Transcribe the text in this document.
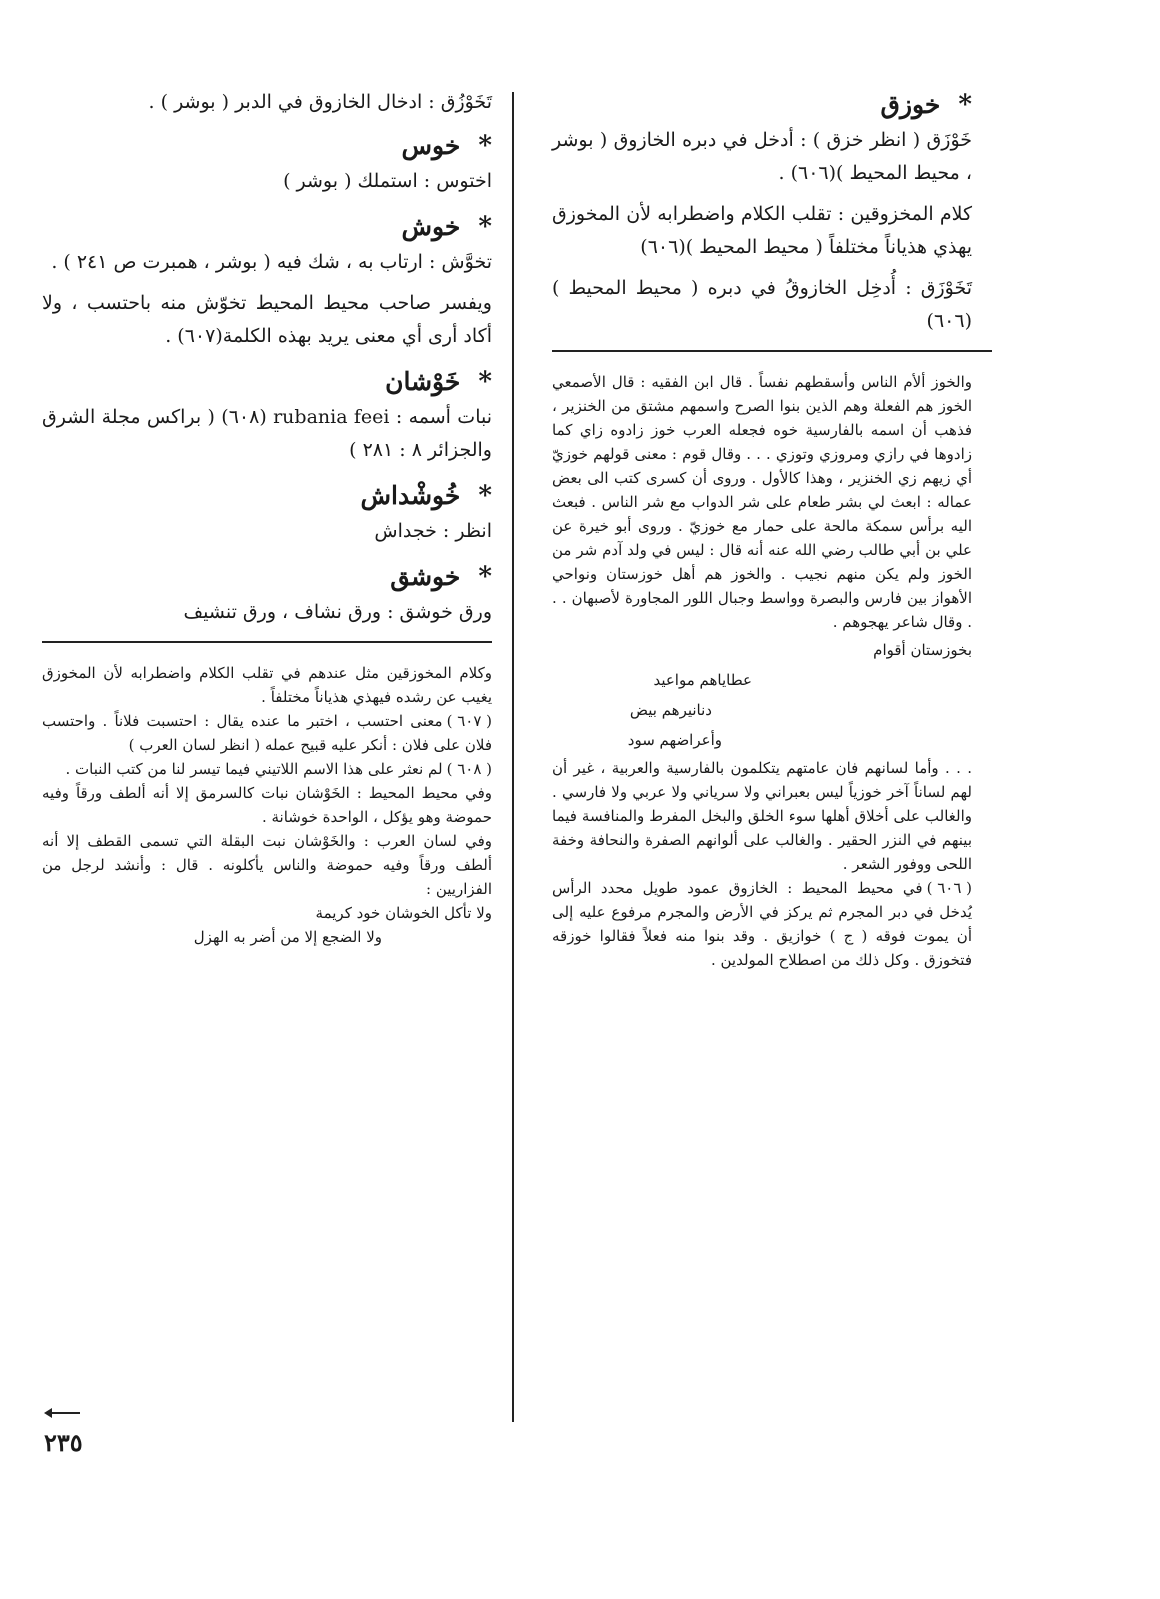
*خوزق

خَوْزَق ( انظر خزق ) : أدخل في دبره الخازوق ( بوشر ، محيط المحيط )(٦٠٦) .

كلام المخزوقين : تقلب الكلام واضطرابه لأن المخوزق يهذي هذياناً مختلفاً ( محيط المحيط )(٦٠٦)

تَخَوْزَق : أُدخِل الخازوقُ في دبره ( محيط المحيط )(٦٠٦)

والخوز ألأم الناس وأسقطهم نفساً . قال ابن الفقيه : قال الأصمعي الخوز هم الفعلة وهم الذين بنوا الصرح واسمهم مشتق من الخنزير ، فذهب أن اسمه بالفارسية خوه فجعله العرب خوز زادوه زاي كما زادوها في رازي ومروزي وتوزي . . . وقال قوم : معنى قولهم خوزيّ أي زيهم زي الخنزير ، وهذا كالأول . وروى أن كسرى كتب الى بعض عماله : ابعث لي بشر طعام على شر الدواب مع شر الناس . فبعث اليه برأس سمكة مالحة على حمار مع خوزيّ . وروى أبو خيرة عن علي بن أبي طالب رضي الله عنه أنه قال : ليس في ولد آدم شر من الخوز ولم يكن منهم نجيب . والخوز هم أهل خوزستان ونواحي الأهواز بين فارس والبصرة وواسط وجبال اللور المجاورة لأصبهان . . . وقال شاعر يهجوهم .

بخوزستان أقوام

عطاياهم مواعيد

دنانيرهم بيض

وأعراضهم سود

. . . وأما لسانهم فان عامتهم يتكلمون بالفارسية والعربية ، غير أن لهم لساناً آخر خوزياً ليس بعبراني ولا سرياني ولا عربي ولا فارسي . والغالب على أخلاق أهلها سوء الخلق والبخل المفرط والمنافسة فيما بينهم في النزر الحقير . والغالب على ألوانهم الصفرة والنحافة وخفة اللحى ووفور الشعر .

( ٦٠٦ )في محيط المحيط : الخازوق عمود طويل محدد الرأس يُدخل في دبر المجرم ثم يركز في الأرض والمجرم مرفوع عليه إلى أن يموت فوقه ( ج ) خوازيق . وقد بنوا منه فعلاً فقالوا خوزقه فتخوزق . وكل ذلك من اصطلاح المولدين .

تَخَوْزُق : ادخال الخازوق في الدبر ( بوشر ) .

*خوس

اختوس : استملك ( بوشر )

*خوش

تخوَّش : ارتاب به ، شك فيه ( بوشر ، همبرت ص ٢٤١ ) .

ويفسر صاحب محيط المحيط تخوّش منه باحتسب ، ولا أكاد أرى أي معنى يريد بهذه الكلمة(٦٠٧) .

*خَوْشان

نبات أسمه : rubania feei (٦٠٨) ( براكس مجلة الشرق والجزائر ٨ : ٢٨١ )

*خُوشْداش

انظر : خجداش

*خوشق

ورق خوشق : ورق نشاف ، ورق تنشيف

وكلام المخوزقين مثل عندهم في تقلب الكلام واضطرابه لأن المخوزق يغيب عن رشده فيهذي هذياناً مختلفاً .

( ٦٠٧ )معنى احتسب ، اختبر ما عنده يقال : احتسبت فلاناً . واحتسب فلان على فلان : أنكر عليه قبيح عمله ( انظر لسان العرب )

( ٦٠٨ )لم نعثر على هذا الاسم اللاتيني فيما تيسر لنا من كتب النبات .

وفي محيط المحيط : الخَوْشان نبات كالسرمق إلا أنه ألطف ورقاً وفيه حموضة وهو يؤكل ، الواحدة خوشانة .

وفي لسان العرب : والخَوْشان نبت البقلة التي تسمى القطف إلا أنه ألطف ورقاً وفيه حموضة والناس يأكلونه . قال : وأنشد لرجل من الفزاريين :

ولا تأكل الخوشان خود كريمة

ولا الضجع إلا من أضر به الهزل

٢٣٥
